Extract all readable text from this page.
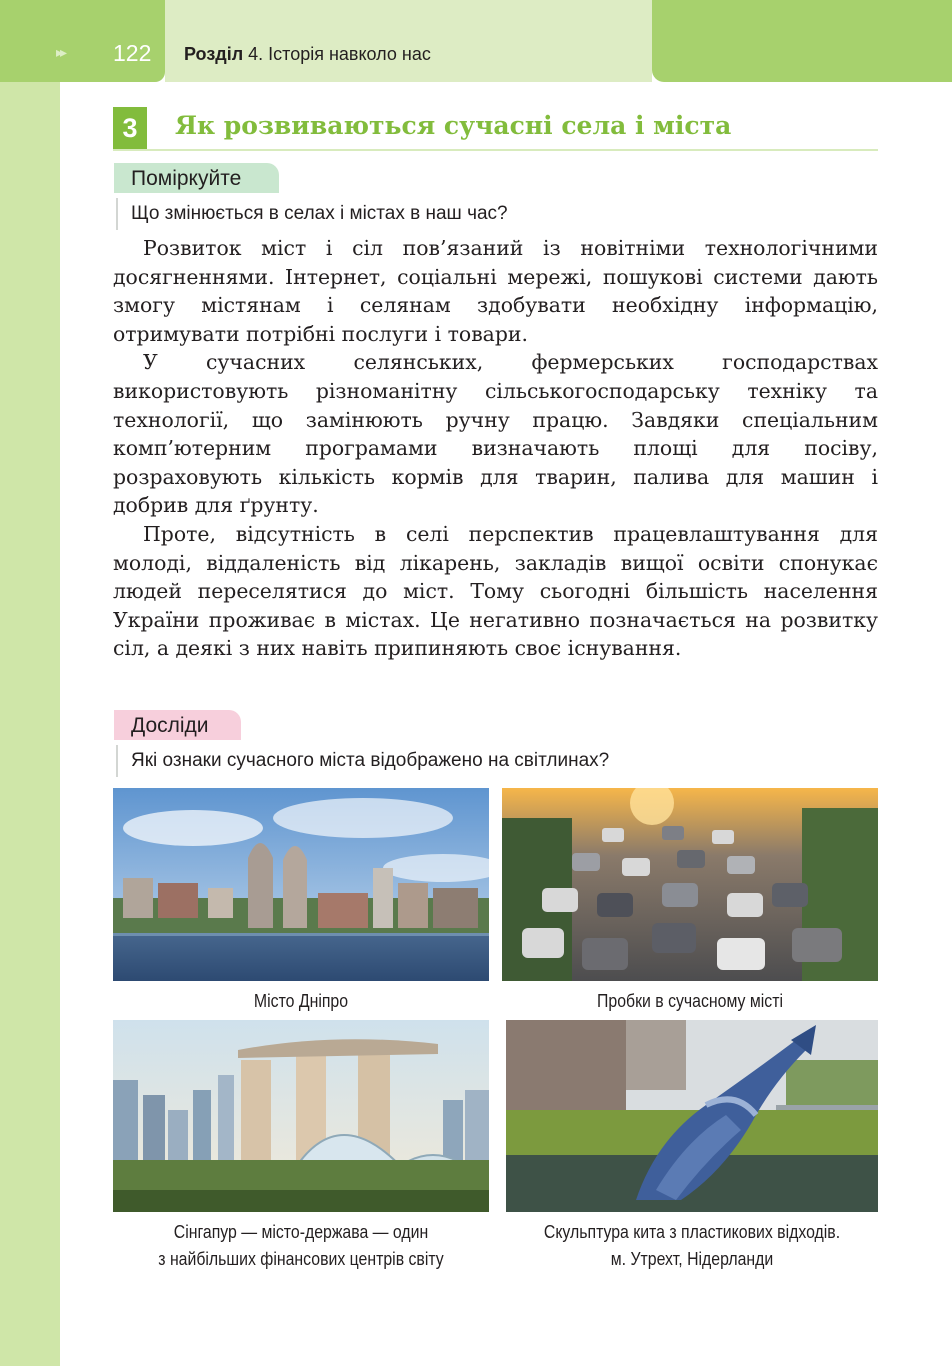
▸▸ 122 Розділ 4. Історія навколо нас
3	Як розвиваються сучасні села і міста
Поміркуйте
Що змінюється в селах і містах в наш час?

Розвиток міст і сіл пов’язаний із новітніми технологічними досягненнями. Інтернет, соціальні мережі, пошукові системи дають змогу містянам і селянам здобувати необхідну інформацію, отримувати потрібні послуги і товари.

У сучасних селянських, фермерських господарствах використовують різноманітну сільськогосподарську техніку та технології, що замінюють ручну працю. Завдяки спеціальним комп’ютерним програмами визначають площі для посіву, розраховують кількість кормів для тварин, палива для машин і добрив для ґрунту.

Проте, відсутність в селі перспектив працевлаштування для молоді, віддаленість від лікарень, закладів вищої освіти спонукає людей переселятися до міст. Тому сьогодні більшість населення України проживає в містах. Це негативно позначається на розвитку сіл, а деякі з них навіть припиняють своє існування.

Досліди
Які ознаки сучасного міста відображено на світлинах?
Місто Дніпро	Пробки в сучасному місті
Сінгапур — місто-держава — один
з найбільших фінансових центрів світу
Скульптура кита з пластикових відходів.
м. Утрехт, Нідерланди
